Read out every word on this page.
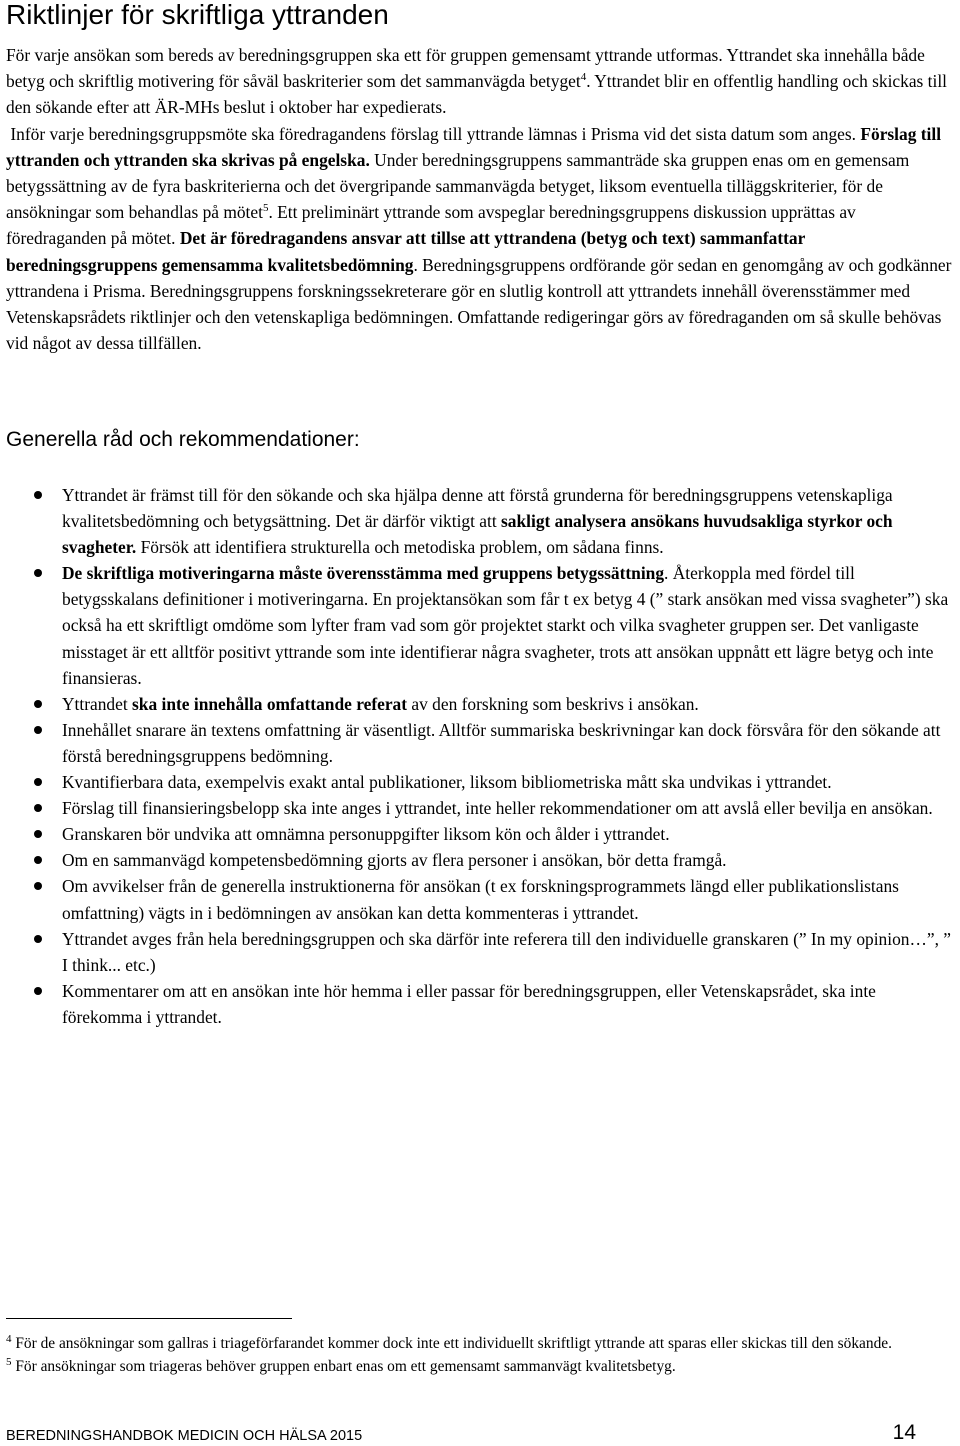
Riktlinjer för skriftliga yttranden

För varje ansökan som bereds av beredningsgruppen ska ett för gruppen gemensamt yttrande utformas. Yttrandet ska innehålla både betyg och skriftlig motivering för såväl baskriterier som det sammanvägda betyget$^4$. Yttrandet blir en offentlig handling och skickas till den sökande efter att ÄR-MHs beslut i oktober har expedierats.

Inför varje beredningsgruppsmöte ska föredragandens förslag till yttrande lämnas i Prisma vid det sista datum som anges. Förslag till yttranden och yttranden ska skrivas på engelska. Under beredningsgruppens sammanträde ska gruppen enas om en gemensam betygssättning av de fyra baskriterierna och det övergripande sammanvägda betyget, liksom eventuella tilläggskriterier, för de ansökningar som behandlas på mötet$^5$. Ett preliminärt yttrande som avspeglar beredningsgruppens diskussion upprättas av föredraganden på mötet. Det är föredragandens ansvar att tillse att yttrandena (betyg och text) sammanfattar beredningsgruppens gemensamma kvalitetsbedömning. Beredningsgruppens ordförande gör sedan en genomgång av och godkänner yttrandena i Prisma. Beredningsgruppens forskningssekreterare gör en slutlig kontroll att yttrandets innehåll överensstämmer med Vetenskapsrådets riktlinjer och den vetenskapliga bedömningen. Omfattande redigeringar görs av föredraganden om så skulle behövas vid något av dessa tillfällen.

Generella råd och rekommendationer:
Yttrandet är främst till för den sökande och ska hjälpa denne att förstå grunderna för beredningsgruppens vetenskapliga kvalitetsbedömning och betygsättning. Det är därför viktigt att sakligt analysera ansökans huvudsakliga styrkor och svagheter. Försök att identifiera strukturella och metodiska problem, om sådana finns.
De skriftliga motiveringarna måste överensstämma med gruppens betygssättning. Återkoppla med fördel till betygsskalans definitioner i motiveringarna. En projektansökan som får t ex betyg 4 (” stark ansökan med vissa svagheter”) ska också ha ett skriftligt omdöme som lyfter fram vad som gör projektet starkt och vilka svagheter gruppen ser. Det vanligaste misstaget är ett alltför positivt yttrande som inte identifierar några svagheter, trots att ansökan uppnått ett lägre betyg och inte finansieras.
Yttrandet ska inte innehålla omfattande referat av den forskning som beskrivs i ansökan.
Innehållet snarare än textens omfattning är väsentligt. Alltför summariska beskrivningar kan dock försvåra för den sökande att förstå beredningsgruppens bedömning.
Kvantifierbara data, exempelvis exakt antal publikationer, liksom bibliometriska mått ska undvikas i yttrandet.
Förslag till finansieringsbelopp ska inte anges i yttrandet, inte heller rekommendationer om att avslå eller bevilja en ansökan.
Granskaren bör undvika att omnämna personuppgifter liksom kön och ålder i yttrandet.
Om en sammanvägd kompetensbedömning gjorts av flera personer i ansökan, bör detta framgå.
Om avvikelser från de generella instruktionerna för ansökan (t ex forskningsprogrammets längd eller publikationslistans omfattning) vägts in i bedömningen av ansökan kan detta kommenteras i yttrandet.
Yttrandet avges från hela beredningsgruppen och ska därför inte referera till den individuelle granskaren (” In my opinion…”, ” I think... etc.)
Kommentarer om att en ansökan inte hör hemma i eller passar för beredningsgruppen, eller Vetenskapsrådet, ska inte förekomma i yttrandet.

$^4$ För de ansökningar som gallras i triageförfarandet kommer dock inte ett individuellt skriftligt yttrande att sparas eller skickas till den sökande.

$^5$ För ansökningar som triageras behöver gruppen enbart enas om ett gemensamt sammanvägt kvalitetsbetyg.

BEREDNINGSHANDBOK MEDICIN OCH HÄLSA 2015	14
